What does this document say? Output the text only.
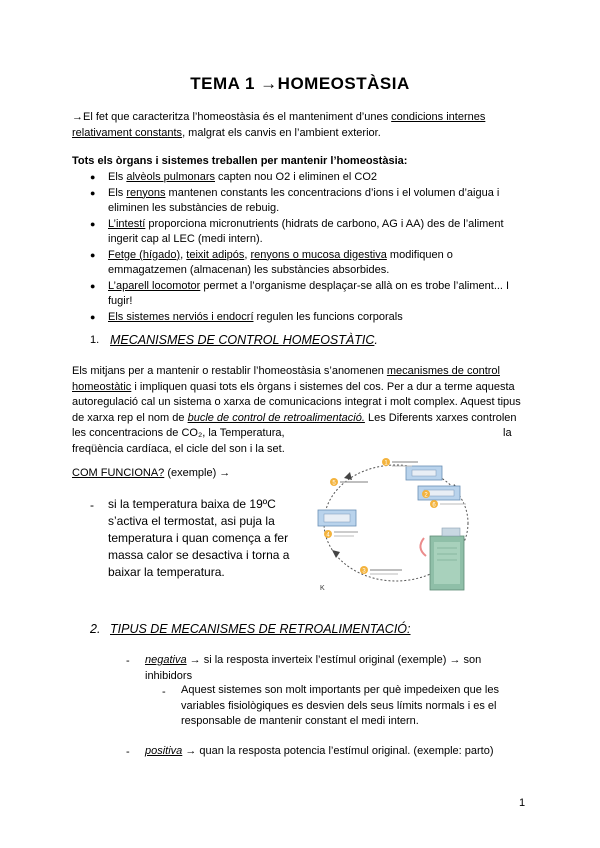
TEMA 1 →HOMEOSTÀSIA
→El fet que caracteritza l’homeostàsia és el manteniment d’unes condicions internes
relativament constants, malgrat els canvis en l’ambient exterior.
Tots els òrgans i sistemes treballen per mantenir l’homeostàsia:
● Els alvèols pulmonars capten nou O2 i eliminen el CO2
● Els renyons mantenen constants les concentracions d’ions i el volumen d’aigua i
eliminen les substàncies de rebuig.
● L’intestí proporciona micronutrients (hidrats de carbono, AG i AA) des de l’aliment
ingerit cap al LEC (medi intern).
● Fetge (hígado), teixit adipós, renyons o mucosa digestiva modifiquen o
emmagatzemen (almacenan) les substàncies absorbides.
● L’aparell locomotor permet a l’organisme desplaçar-se allà on es trobe l’aliment... I
fugir!
● Els sistemes nerviós i endocrí regulen les funcions corporals
1. MECANISMES DE CONTROL HOMEOSTÀTIC.
Els mitjans per a mantenir o restablir l’homeostàsia s’anomenen mecanismes de control
homeostàtic i impliquen quasi tots els òrgans i sistemes del cos. Per a dur a terme aquesta
autoregulació cal un sistema o xarxa de comunicacions integrat i molt complex. Aquest tipus
de xarxa rep el nom de bucle de control de retroalimentació. Les Diferents xarxes controlen
les concentracions de CO₂, la Temperatura,	la

freqüència cardíaca, el cicle del son i la set.
COM FUNCIONA? (exemple) →
- si la temperatura baixa de 19ºC
s’activa el termostat, asi puja la
temperatura i quan comença a fer
massa calor se desactiva i torna a
baixar la temperatura.
1
2
3
4
5
6
K
2. TIPUS DE MECANISMES DE RETROALIMENTACIÓ:
- negativa → si la resposta inverteix l’estímul original (exemple) → son
inhibidors
- Aquest sistemes son molt importants per què impedeixen que les
variables fisiològiques es desvien dels seus límits normals i es el
responsable de mantenir constant el medi intern.
- positiva → quan la resposta potencia l’estímul original. (exemple: parto)
1
